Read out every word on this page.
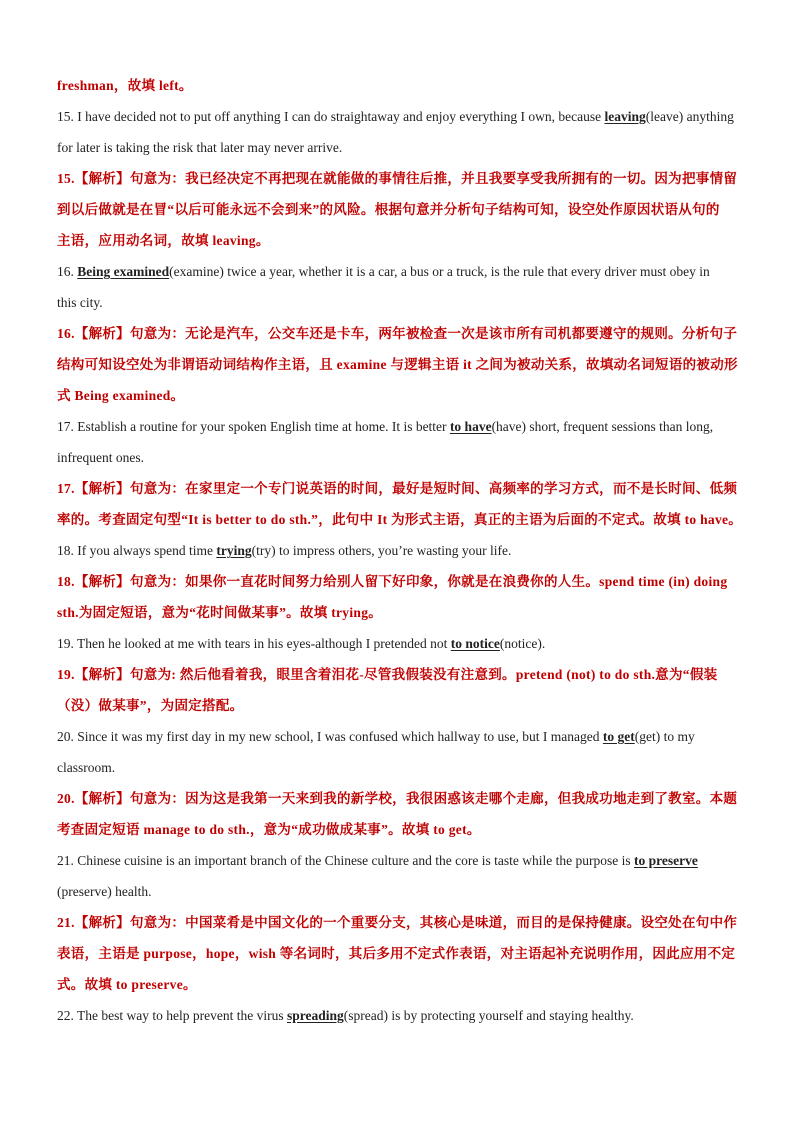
freshman，故填 left。
15. I have decided not to put off anything I can do straightaway and enjoy everything I own, because leaving(leave) anything
for later is taking the risk that later may never arrive.
15.【解析】句意为：我已经决定不再把现在就能做的事情往后推，并且我要享受我所拥有的一切。因为把事情留
到以后做就是在冒“以后可能永远不会到来”的风险。根据句意并分析句子结构可知，设空处作原因状语从句的
主语，应用动名词，故填 leaving。
16. Being examined(examine) twice a year, whether it is a car, a bus or a truck, is the rule that every driver must obey in
this city.
16.【解析】句意为：无论是汽车，公交车还是卡车，两年被检查一次是该市所有司机都要遵守的规则。分析句子
结构可知设空处为非谓语动词结构作主语，且 examine 与逻辑主语 it 之间为被动关系，故填动名词短语的被动形
式 Being examined。
17. Establish a routine for your spoken English time at home. It is better to have(have) short, frequent sessions than long,
infrequent ones.
17.【解析】句意为：在家里定一个专门说英语的时间，最好是短时间、高频率的学习方式，而不是长时间、低频
率的。考查固定句型“It is better to do sth.”，此句中 It 为形式主语，真正的主语为后面的不定式。故填 to have。
18. If you always spend time trying(try) to impress others, you’re wasting your life.
18.【解析】句意为：如果你一直花时间努力给别人留下好印象，你就是在浪费你的人生。spend time (in) doing
sth.为固定短语，意为“花时间做某事”。故填 trying。
19. Then he looked at me with tears in his eyes-although I pretended not to notice(notice).
19.【解析】句意为: 然后他看着我，眼里含着泪花-尽管我假装没有注意到。pretend (not) to do sth.意为“假装
（没）做某事”，为固定搭配。
20. Since it was my first day in my new school, I was confused which hallway to use, but I managed to get(get) to my
classroom.
20.【解析】句意为：因为这是我第一天来到我的新学校，我很困惑该走哪个走廊，但我成功地走到了教室。本题
考查固定短语 manage to do sth.，意为“成功做成某事”。故填 to get。
21. Chinese cuisine is an important branch of the Chinese culture and the core is taste while the purpose is to preserve
(preserve) health.
21.【解析】句意为：中国菜肴是中国文化的一个重要分支，其核心是味道，而目的是保持健康。设空处在句中作
表语，主语是 purpose，hope，wish 等名词时，其后多用不定式作表语，对主语起补充说明作用，因此应用不定
式。故填 to preserve。
22. The best way to help prevent the virus spreading(spread) is by protecting yourself and staying healthy.
